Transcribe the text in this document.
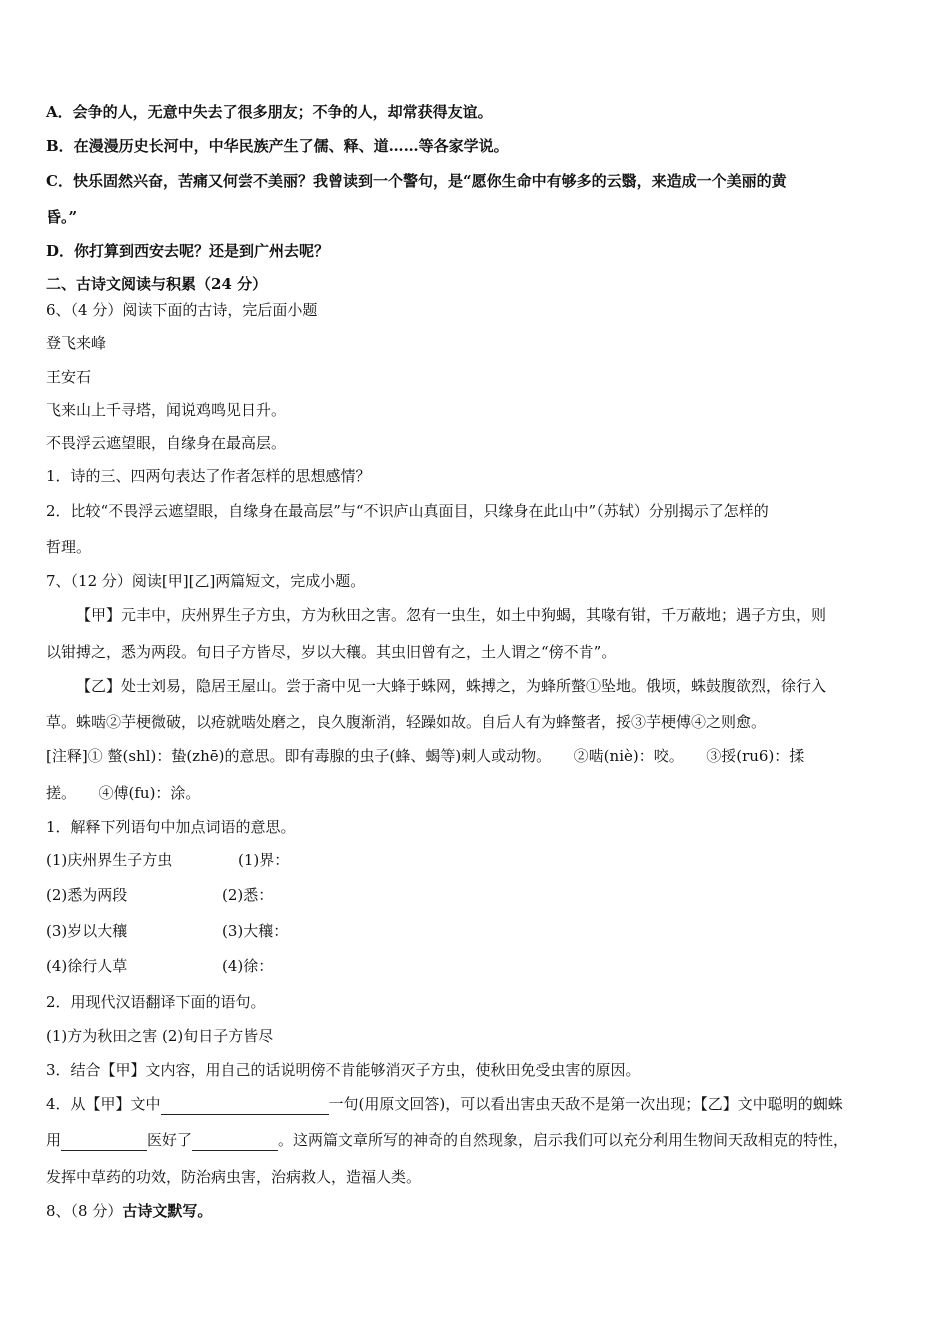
A．会争的人，无意中失去了很多朋友；不争的人，却常获得友谊。
B．在漫漫历史长河中，中华民族产生了儒、释、道……等各家学说。
C．快乐固然兴奋，苦痛又何尝不美丽？我曾读到一个警句，是“愿你生命中有够多的云翳，来造成一个美丽的黄
昏。”
D．你打算到西安去呢？还是到广州去呢？
二、古诗文阅读与积累（24 分）
6、（4 分）阅读下面的古诗，完后面小题
登飞来峰
王安石
飞来山上千寻塔，闻说鸡鸣见日升。
不畏浮云遮望眼，自缘身在最高层。
1．诗的三、四两句表达了作者怎样的思想感情？
2．比较“不畏浮云遮望眼，自缘身在最高层”与“不识庐山真面目，只缘身在此山中”（苏轼）分别揭示了怎样的
哲理。
7、（12 分）阅读[甲][乙]两篇短文，完成小题。
【甲】元丰中，庆州界生子方虫，方为秋田之害。忽有一虫生，如土中狗蝎，其喙有钳，千万蔽地；遇子方虫，则
以钳搏之，悉为两段。旬日子方皆尽，岁以大穰。其虫旧曾有之，土人谓之“傍不肯”。
【乙】处士刘易，隐居王屋山。尝于斋中见一大蜂于蛛网，蛛搏之，为蜂所螫①坠地。俄顷，蛛鼓腹欲烈，徐行入
草。蛛啮②芋梗微破，以疮就啮处磨之，良久腹渐消，轻躁如故。自后人有为蜂螫者，挼③芋梗傅④之则愈。
[注释]① 螫(shl)：蛰(zhē)的意思。即有毒腺的虫子(蜂、蝎等)刺人或动物。　　②啮(niè)：咬。　　③挼(ru6)：揉
搓。　　④傅(fu)：涂。
1．解释下列语句中加点词语的意思。
(1)庆州界生子方虫	(1)界：
(2)悉为两段	(2)悉：
(3)岁以大穰	(3)大穰：
(4)徐行人草	(4)徐：
2．用现代汉语翻译下面的语句。
(1)方为秋田之害 (2)旬日子方皆尽
3．结合【甲】文内容，用自己的话说明傍不肯能够消灭子方虫，使秋田免受虫害的原因。
4．从【甲】文中	一句(用原文回答)，可以看出害虫天敌不是第一次出现；【乙】文中聪明的蜘蛛
用	医好了	。这两篇文章所写的神奇的自然现象，启示我们可以充分利用生物间天敌相克的特性，
发挥中草药的功效，防治病虫害，治病救人，造福人类。
8、（8 分）古诗文默写。
